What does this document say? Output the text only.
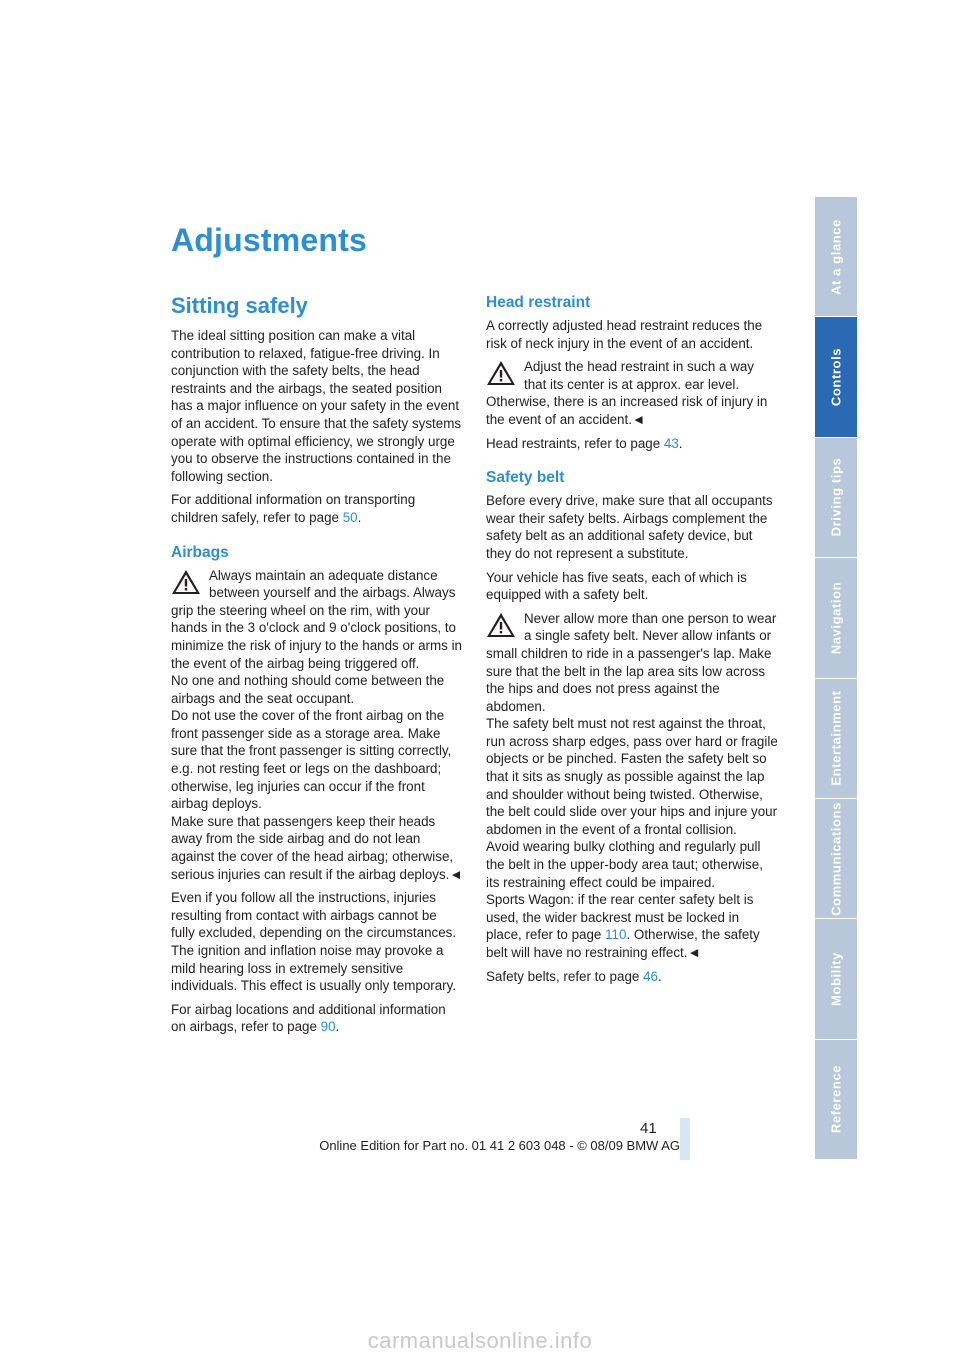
Adjustments
Sitting safely

The ideal sitting position can make a vital contribution to relaxed, fatigue-free driving. In conjunction with the safety belts, the head restraints and the airbags, the seated position has a major influence on your safety in the event of an accident. To ensure that the safety systems operate with optimal efficiency, we strongly urge you to observe the instructions contained in the following section.

For additional information on transporting children safely, refer to page 50.

Airbags
Always maintain an adequate distance between yourself and the airbags. Always grip the steering wheel on the rim, with your hands in the 3 o'clock and 9 o'clock positions, to minimize the risk of injury to the hands or arms in the event of the airbag being triggered off.
No one and nothing should come between the airbags and the seat occupant.
Do not use the cover of the front airbag on the front passenger side as a storage area. Make sure that the front passenger is sitting correctly, e.g. not resting feet or legs on the dashboard; otherwise, leg injuries can occur if the front airbag deploys.
Make sure that passengers keep their heads away from the side airbag and do not lean against the cover of the head airbag; otherwise, serious injuries can result if the airbag deploys.◄

Even if you follow all the instructions, injuries resulting from contact with airbags cannot be fully excluded, depending on the circumstances. The ignition and inflation noise may provoke a mild hearing loss in extremely sensitive individuals. This effect is usually only temporary.

For airbag locations and additional information on airbags, refer to page 90.

Head restraint

A correctly adjusted head restraint reduces the risk of neck injury in the event of an accident.

Adjust the head restraint in such a way that its center is at approx. ear level. Otherwise, there is an increased risk of injury in the event of an accident.◄

Head restraints, refer to page 43.

Safety belt

Before every drive, make sure that all occupants wear their safety belts. Airbags complement the safety belt as an additional safety device, but they do not represent a substitute.

Your vehicle has five seats, each of which is equipped with a safety belt.

Never allow more than one person to wear a single safety belt. Never allow infants or small children to ride in a passenger's lap. Make sure that the belt in the lap area sits low across the hips and does not press against the abdomen.
The safety belt must not rest against the throat, run across sharp edges, pass over hard or fragile objects or be pinched. Fasten the safety belt so that it sits as snugly as possible against the lap and shoulder without being twisted. Otherwise, the belt could slide over your hips and injure your abdomen in the event of a frontal collision.
Avoid wearing bulky clothing and regularly pull the belt in the upper-body area taut; otherwise, its restraining effect could be impaired.
Sports Wagon: if the rear center safety belt is used, the wider backrest must be locked in place, refer to page 110. Otherwise, the safety belt will have no restraining effect.◄

Safety belts, refer to page 46.

At a glance
Controls
Driving tips
Navigation
Entertainment
Communications
Mobility
Reference
41
Online Edition for Part no. 01 41 2 603 048 - © 08/09 BMW AG
carmanualsonline.info
